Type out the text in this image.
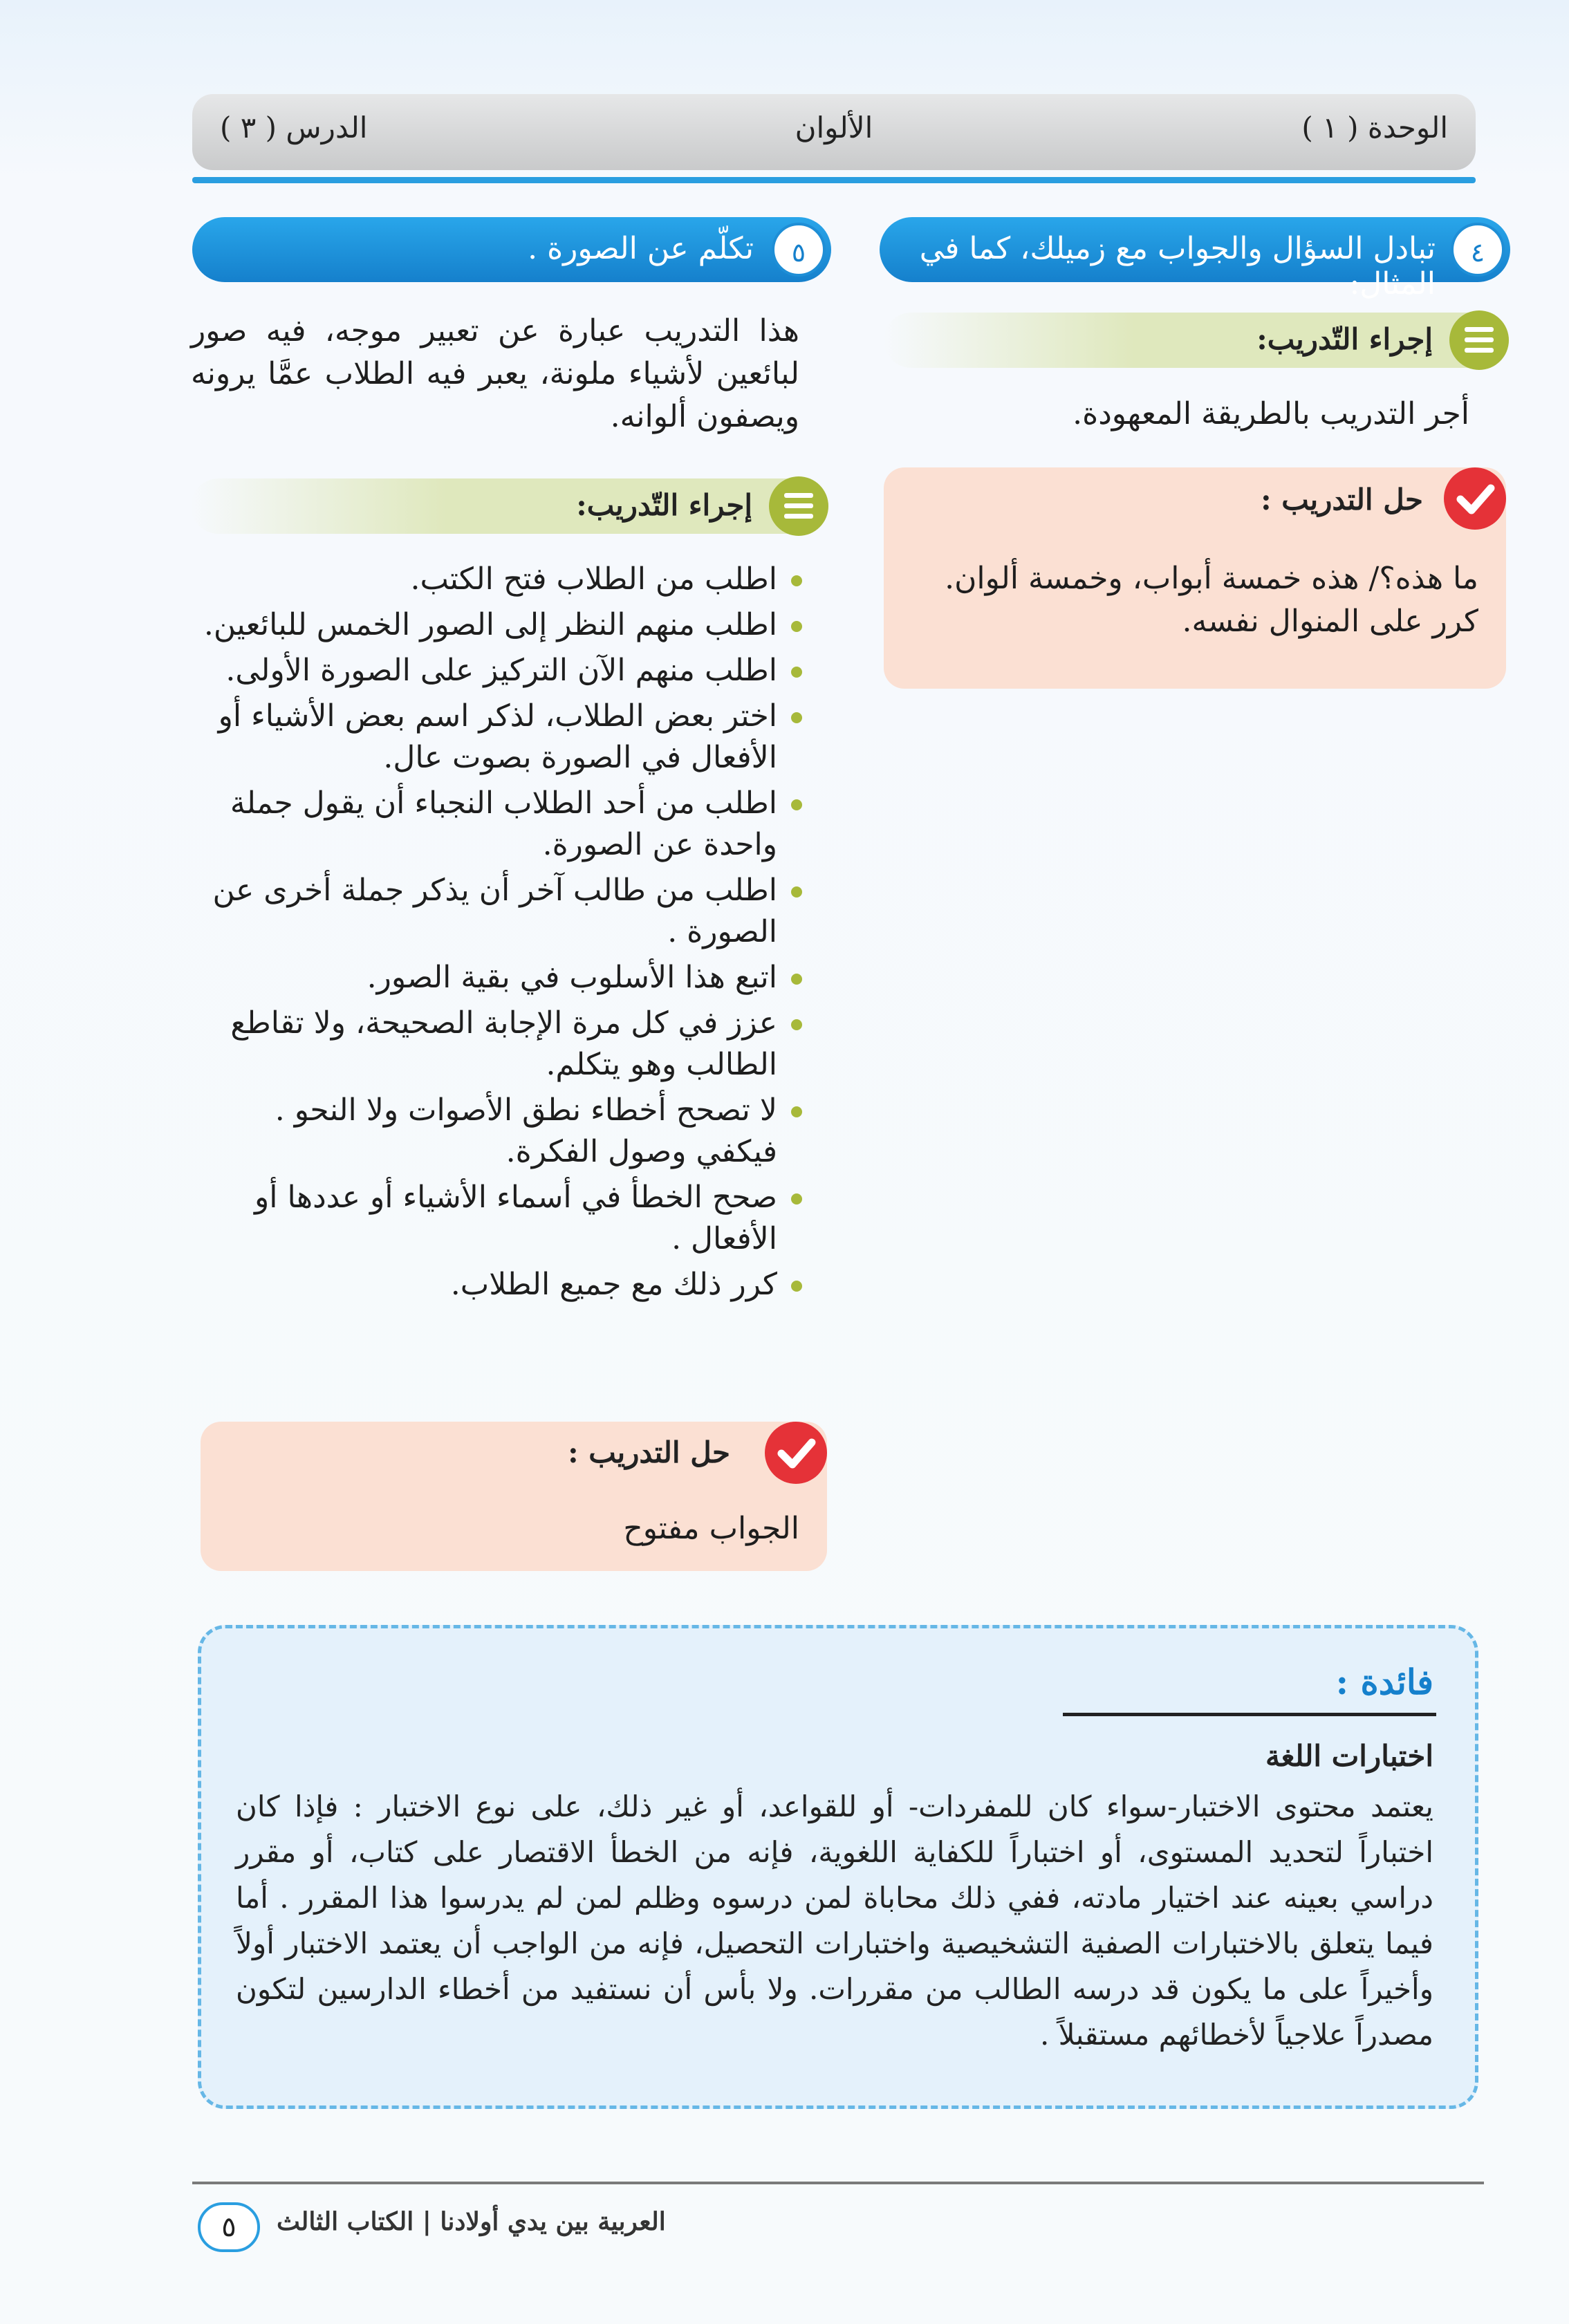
الوحدة ( ١ )
الألوان
الدرس ( ٣ )
٤
تبادل السؤال والجواب مع زميلك، كما في المثال:
إجراء التّدريب:
أجر التدريب بالطريقة المعهودة.
حل التدريب :
ما هذه؟/ هذه خمسة أبواب، وخمسة ألوان.
كرر على المنوال نفسه.
٥
تكلّم عن الصورة .
هذا التدريب عبارة عن تعبير موجه، فيه صور لبائعين لأشياء ملونة، يعبر فيه الطلاب عمَّا يرونه ويصفون ألوانه.
إجراء التّدريب:
اطلب من الطلاب فتح الكتب.
اطلب منهم النظر إلى الصور الخمس للبائعين.
اطلب منهم الآن التركيز على الصورة الأولى.
اختر بعض الطلاب، لذكر اسم بعض الأشياء أو الأفعال في الصورة بصوت عال.
اطلب من أحد الطلاب النجباء أن يقول جملة واحدة عن الصورة.
اطلب من طالب آخر أن يذكر جملة أخرى عن الصورة .
اتبع هذا الأسلوب في بقية الصور.
عزز في كل مرة الإجابة الصحيحة، ولا تقاطع الطالب وهو يتكلم.
لا تصحح أخطاء نطق الأصوات ولا النحو . فيكفي وصول الفكرة.
صحح الخطأ في أسماء الأشياء أو عددها أو الأفعال .
كرر ذلك مع جميع الطلاب.
حل التدريب :
الجواب مفتوح
فائدة :
اختبارات اللغة
يعتمد محتوى الاختبار-سواء كان للمفردات- أو للقواعد، أو غير ذلك، على نوع الاختبار : فإذا كان اختباراً لتحديد المستوى، أو اختباراً للكفاية اللغوية، فإنه من الخطأ الاقتصار على كتاب، أو مقرر دراسي بعينه عند اختيار مادته، ففي ذلك محاباة لمن درسوه وظلم لمن لم يدرسوا هذا المقرر . أما فيما يتعلق بالاختبارات الصفية التشخيصية واختبارات التحصيل، فإنه من الواجب أن يعتمد الاختبار أولاً وأخيراً على ما يكون قد درسه الطالب من مقررات. ولا بأس أن نستفيد من أخطاء الدارسين لتكون مصدراً علاجياً لأخطائهم مستقبلاً .
٥	العربية بين يدي أولادنا | الكتاب الثالث
